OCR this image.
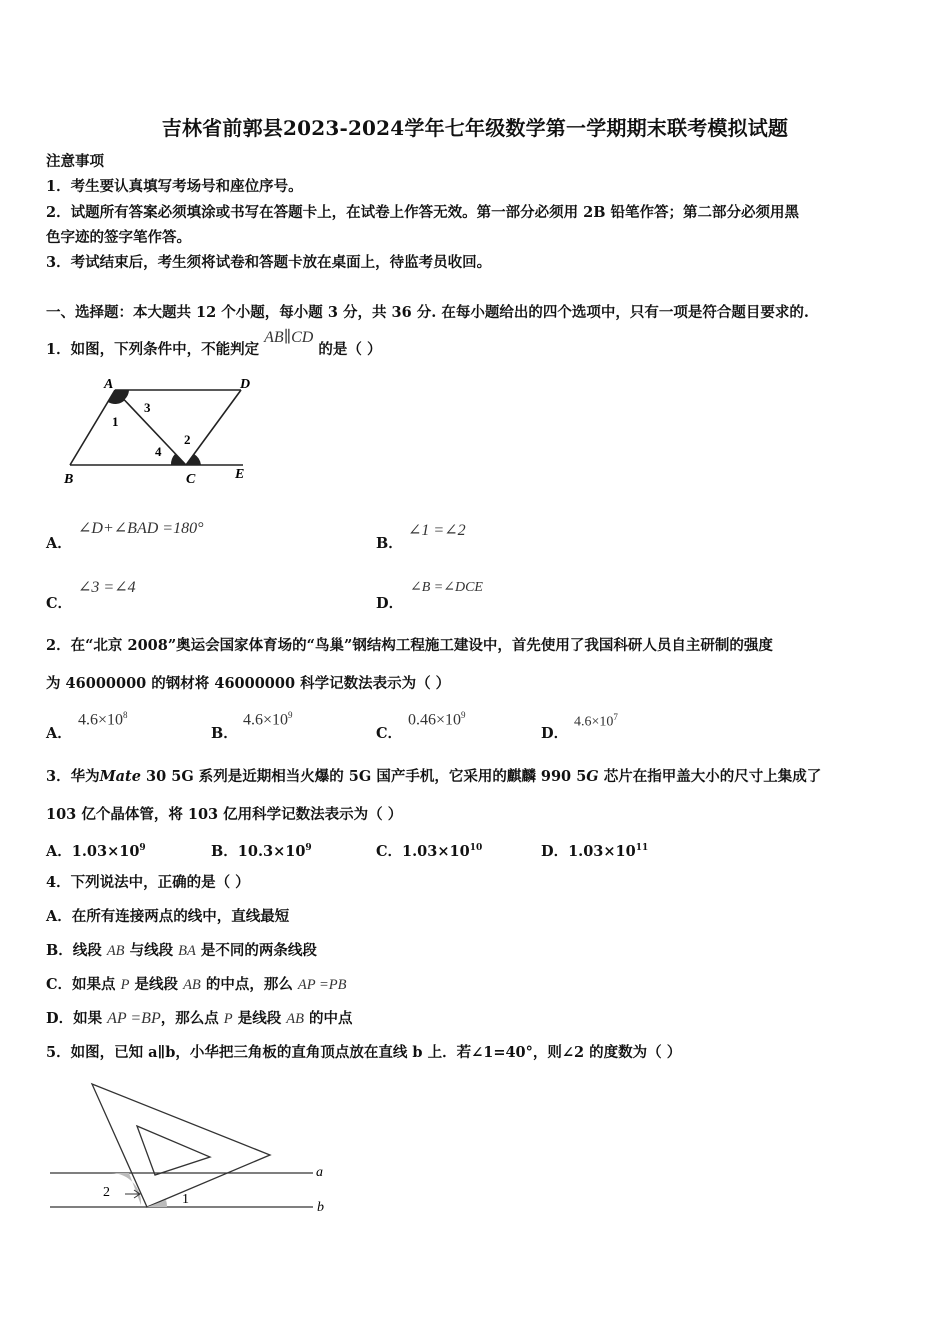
吉林省前郭县2023-2024学年七年级数学第一学期期末联考模拟试题
注意事项
1．考生要认真填写考场号和座位序号。
2．试题所有答案必须填涂或书写在答题卡上，在试卷上作答无效。第一部分必须用 2B 铅笔作答；第二部分必须用黑
色字迹的签字笔作答。
3．考试结束后，考生须将试卷和答题卡放在桌面上，待监考员收回。
一、选择题：本大题共 12 个小题，每小题 3 分，共 36 分. 在每小题给出的四个选项中，只有一项是符合题目要求的.
1．如图，下列条件中，不能判定 AB∥CD 的是（ ）
A	D
B	C	E
1
2
3
4
A．
∠D+∠BAD =180°
B．
∠1 =∠2
C．
∠3 =∠4
D．
∠B =∠DCE
2．在“北京 2008”奥运会国家体育场的“鸟巢”钢结构工程施工建设中，首先使用了我国科研人员自主研制的强度
为 46000000 的钢材将 46000000 科学记数法表示为（ ）
A．
$4.6\times 10^8$
B．
$4.6\times 10^9$
C．
$0.46\times 10^9$
D．
$4.6\times 10^7$
3．华为Mate 30 5G 系列是近期相当火爆的 5G 国产手机，它采用的麒麟 990 5G 芯片在指甲盖大小的尺寸上集成了
103 亿个晶体管，将 103 亿用科学记数法表示为（ ）
A．$1.03\times 10^9$	B．$10.3\times 10^9$	C．$1.03\times 10^{10}$	D．$1.03\times 10^{11}$
4．下列说法中，正确的是（ ）
A．在所有连接两点的线中，直线最短
B．线段 AB 与线段 BA 是不同的两条线段
C．如果点 P 是线段 AB 的中点，那么 AP =PB
D．如果 AP =BP，那么点 P 是线段 AB 的中点
5．如图，已知 a∥b，小华把三角板的直角顶点放在直线 b 上．若∠1=40°，则∠2 的度数为（ ）
a
b
1
2
